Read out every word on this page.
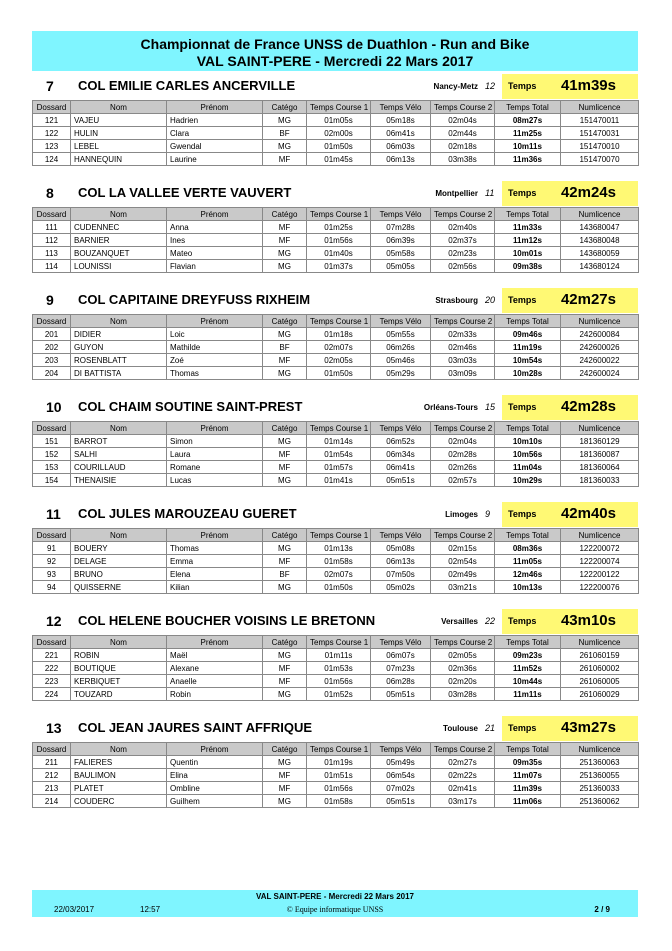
Championnat de France UNSS de Duathlon - Run and Bike
VAL SAINT-PERE - Mercredi 22 Mars 2017
7 COL EMILIE CARLES ANCERVILLE	Nancy-Metz 12 Temps 41m39s
Dossard	Nom	Prénom	Catégo	Temps Course 1	Temps Vélo	Temps Course 2	Temps Total	Numlicence
121	VAJEU	Hadrien	MG	01m05s	05m18s	02m04s	08m27s	151470011
122	HULIN	Clara	BF	02m00s	06m41s	02m44s	11m25s	151470031
123	LEBEL	Gwendal	MG	01m50s	06m03s	02m18s	10m11s	151470010
124	HANNEQUIN	Laurine	MF	01m45s	06m13s	03m38s	11m36s	151470070
8 COL LA VALLEE VERTE VAUVERT	Montpellier 11 Temps 42m24s
Dossard	Nom	Prénom	Catégo	Temps Course 1	Temps Vélo	Temps Course 2	Temps Total	Numlicence
111	CUDENNEC	Anna	MF	01m25s	07m28s	02m40s	11m33s	143680047
112	BARNIER	Ines	MF	01m56s	06m39s	02m37s	11m12s	143680048
113	BOUZANQUET	Mateo	MG	01m40s	05m58s	02m23s	10m01s	143680059
114	LOUNISSI	Flavian	MG	01m37s	05m05s	02m56s	09m38s	143680124
9 COL CAPITAINE DREYFUSS RIXHEIM	Strasbourg 20 Temps 42m27s
Dossard	Nom	Prénom	Catégo	Temps Course 1	Temps Vélo	Temps Course 2	Temps Total	Numlicence
201	DIDIER	Loic	MG	01m18s	05m55s	02m33s	09m46s	242600084
202	GUYON	Mathilde	BF	02m07s	06m26s	02m46s	11m19s	242600026
203	ROSENBLATT	Zoé	MF	02m05s	05m46s	03m03s	10m54s	242600022
204	DI BATTISTA	Thomas	MG	01m50s	05m29s	03m09s	10m28s	242600024
10 COL CHAIM SOUTINE SAINT-PREST	Orléans-Tours 15 Temps 42m28s
Dossard	Nom	Prénom	Catégo	Temps Course 1	Temps Vélo	Temps Course 2	Temps Total	Numlicence
151	BARROT	Simon	MG	01m14s	06m52s	02m04s	10m10s	181360129
152	SALHI	Laura	MF	01m54s	06m34s	02m28s	10m56s	181360087
153	COURILLAUD	Romane	MF	01m57s	06m41s	02m26s	11m04s	181360064
154	THENAISIE	Lucas	MG	01m41s	05m51s	02m57s	10m29s	181360033
11 COL JULES MAROUZEAU GUERET	Limoges 9 Temps 42m40s
Dossard	Nom	Prénom	Catégo	Temps Course 1	Temps Vélo	Temps Course 2	Temps Total	Numlicence
91	BOUERY	Thomas	MG	01m13s	05m08s	02m15s	08m36s	122200072
92	DELAGE	Emma	MF	01m58s	06m13s	02m54s	11m05s	122200074
93	BRUNO	Elena	BF	02m07s	07m50s	02m49s	12m46s	122200122
94	QUISSERNE	Kilian	MG	01m50s	05m02s	03m21s	10m13s	122200076
12 COL HELENE BOUCHER VOISINS LE BRETONN	Versailles 22 Temps 43m10s
Dossard	Nom	Prénom	Catégo	Temps Course 1	Temps Vélo	Temps Course 2	Temps Total	Numlicence
221	ROBIN	Maël	MG	01m11s	06m07s	02m05s	09m23s	261060159
222	BOUTIQUE	Alexane	MF	01m53s	07m23s	02m36s	11m52s	261060002
223	KERBIQUET	Anaelle	MF	01m56s	06m28s	02m20s	10m44s	261060005
224	TOUZARD	Robin	MG	01m52s	05m51s	03m28s	11m11s	261060029
13 COL JEAN JAURES SAINT AFFRIQUE	Toulouse 21 Temps 43m27s
Dossard	Nom	Prénom	Catégo	Temps Course 1	Temps Vélo	Temps Course 2	Temps Total	Numlicence
211	FALIERES	Quentin	MG	01m19s	05m49s	02m27s	09m35s	251360063
212	BAULIMON	Elina	MF	01m51s	06m54s	02m22s	11m07s	251360055
213	PLATET	Ombline	MF	01m56s	07m02s	02m41s	11m39s	251360033
214	COUDERC	Guilhem	MG	01m58s	05m51s	03m17s	11m06s	251360062
VAL SAINT-PERE - Mercredi 22 Mars 2017
22/03/2017	12:57	© Equipe informatique UNSS	2 / 9
